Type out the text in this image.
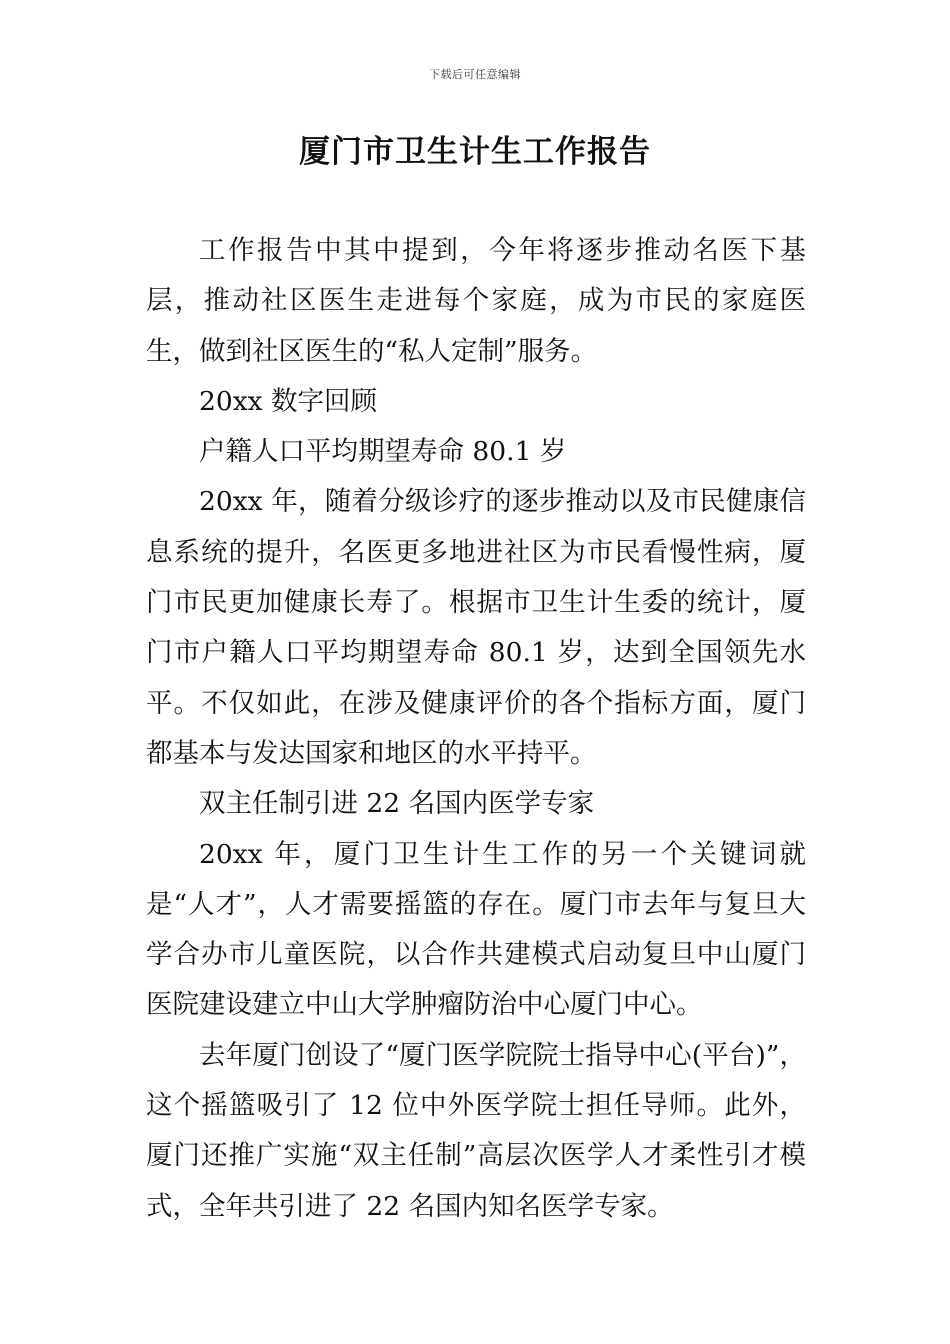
下载后可任意编辑
厦门市卫生计生工作报告

工作报告中其中提到，今年将逐步推动名医下基层，推动社区医生走进每个家庭，成为市民的家庭医生，做到社区医生的“私人定制”服务。

20xx 数字回顾

户籍人口平均期望寿命 80.1 岁

20xx 年，随着分级诊疗的逐步推动以及市民健康信息系统的提升，名医更多地进社区为市民看慢性病，厦门市民更加健康长寿了。根据市卫生计生委的统计，厦门市户籍人口平均期望寿命 80.1 岁，达到全国领先水平。不仅如此，在涉及健康评价的各个指标方面，厦门都基本与发达国家和地区的水平持平。

双主任制引进 22 名国内医学专家

20xx 年，厦门卫生计生工作的另一个关键词就是“人才”，人才需要摇篮的存在。厦门市去年与复旦大学合办市儿童医院，以合作共建模式启动复旦中山厦门医院建设建立中山大学肿瘤防治中心厦门中心。

去年厦门创设了“厦门医学院院士指导中心(平台)”，这个摇篮吸引了 12 位中外医学院士担任导师。此外，厦门还推广实施“双主任制”高层次医学人才柔性引才模式，全年共引进了 22 名国内知名医学专家。
